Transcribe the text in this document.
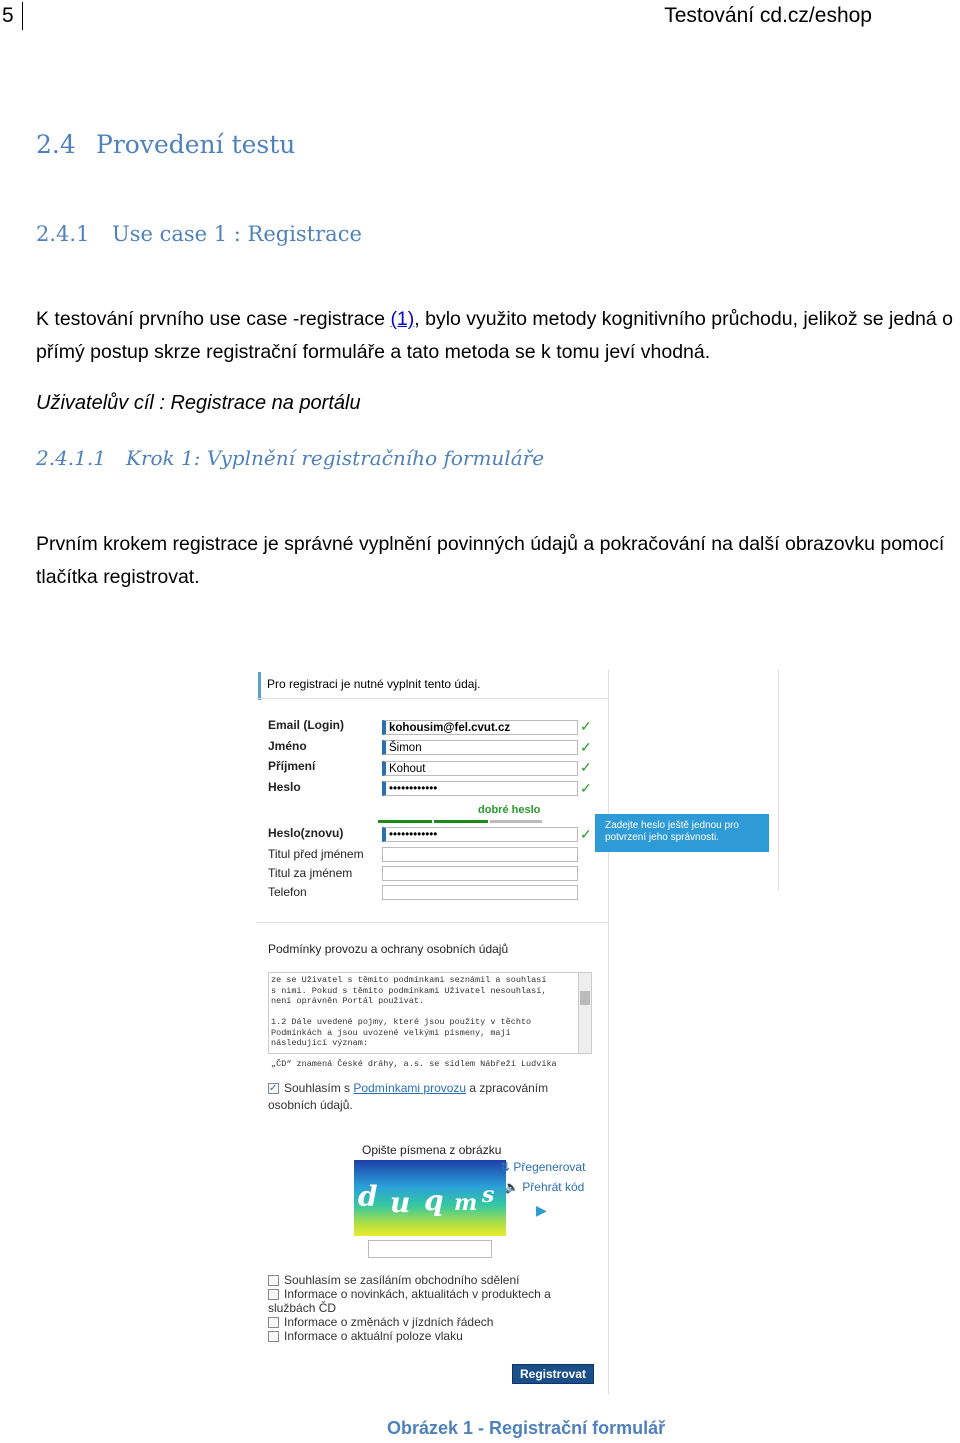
5	Testování cd.cz/eshop
2.4 Provedení testu
2.4.1 Use case 1 : Registrace
K testování prvního use case -registrace (1), bylo využito metody kognitivního průchodu, jelikož se jedná o přímý postup skrze registrační formuláře a tato metoda se k tomu jeví vhodná.
Uživatelův cíl : Registrace na portálu
2.4.1.1 Krok 1: Vyplnění registračního formuláře
Prvním krokem registrace je správné vyplnění povinných údajů a pokračování na další obrazovku pomocí tlačítka registrovat.
Pro registraci je nutné vyplnit tento údaj.
Email (Login)	kohousim@fel.cvut.cz	✓
Jméno	Šimon	✓
Příjmení	Kohout	✓
Heslo	••••••••••••	✓
dobré heslo
Heslo(znovu)	••••••••••••	✓
Titul před jménem
Titul za jménem
Telefon
Podmínky provozu a ochrany osobních údajů
ze se Uživatel s těmito podmínkami seznámil a souhlasí
s nimi. Pokud s těmito podmínkami Uživatel nesouhlasí,
není oprávněn Portál používat.

1.2 Dále uvedené pojmy, které jsou použity v těchto
Podmínkách a jsou uvozené velkými písmeny, mají
následující význam:

„ČD“ znamená České dráhy, a.s. se sídlem Nábřeží Ludvíka
✓Souhlasím s Podmínkami provozu a zpracováním osobních údajů.
Opište písmena z obrázku
d u q m s
⇅ Přegenerovat
🔈 Přehrát kód
▶
Souhlasím se zasíláním obchodního sdělení
Informace o novinkách, aktualitách v produktech a službách ČD
Informace o změnách v jízdních řádech
Informace o aktuální poloze vlaku
Registrovat
Zadejte heslo ještě jednou pro potvrzení jeho správnosti.
Obrázek 1 - Registrační formulář
